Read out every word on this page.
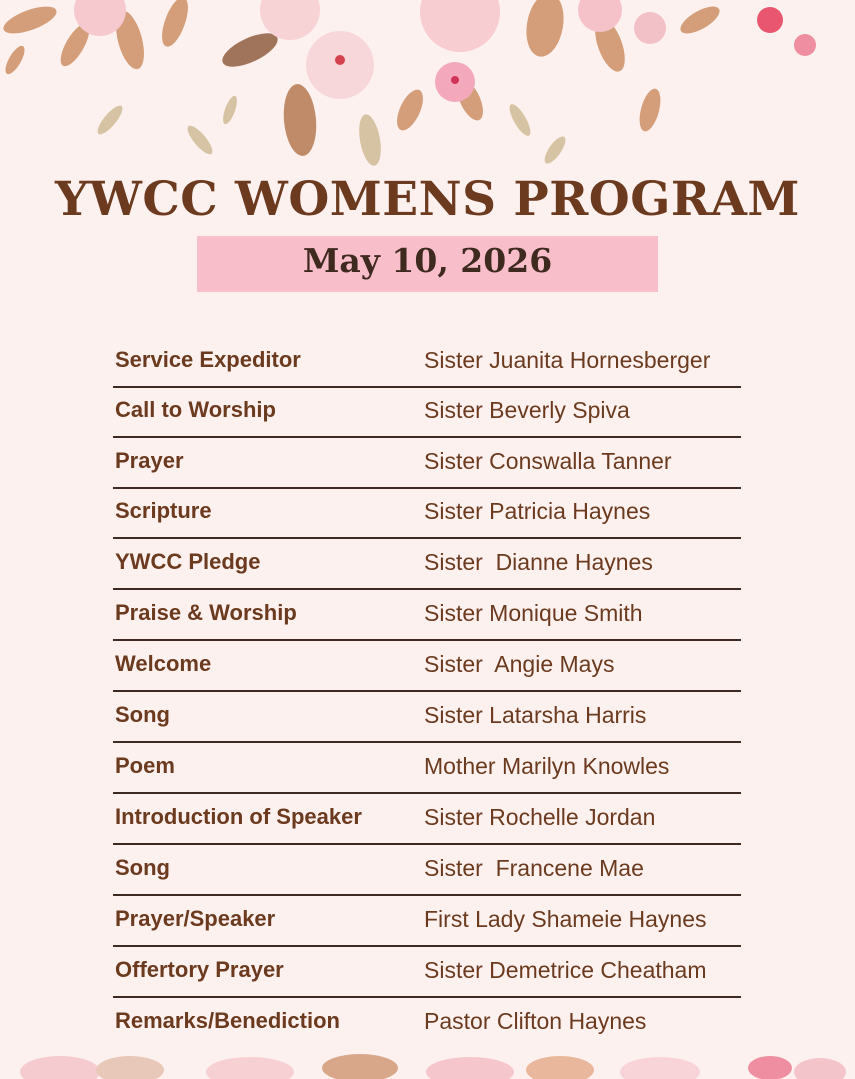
YWCC WOMENS PROGRAM
May 10, 2026
Service Expeditor	Sister Juanita Hornesberger
Call to Worship	Sister Beverly Spiva
Prayer	Sister Conswalla Tanner
Scripture	Sister Patricia Haynes
YWCC Pledge	Sister  Dianne Haynes
Praise & Worship	Sister Monique Smith
Welcome	Sister  Angie Mays
Song	Sister Latarsha Harris
Poem	Mother Marilyn Knowles
Introduction of Speaker	Sister Rochelle Jordan
Song	Sister  Francene Mae
Prayer/Speaker	First Lady Shameie Haynes
Offertory Prayer	Sister Demetrice Cheatham
Remarks/Benediction	Pastor Clifton Haynes
